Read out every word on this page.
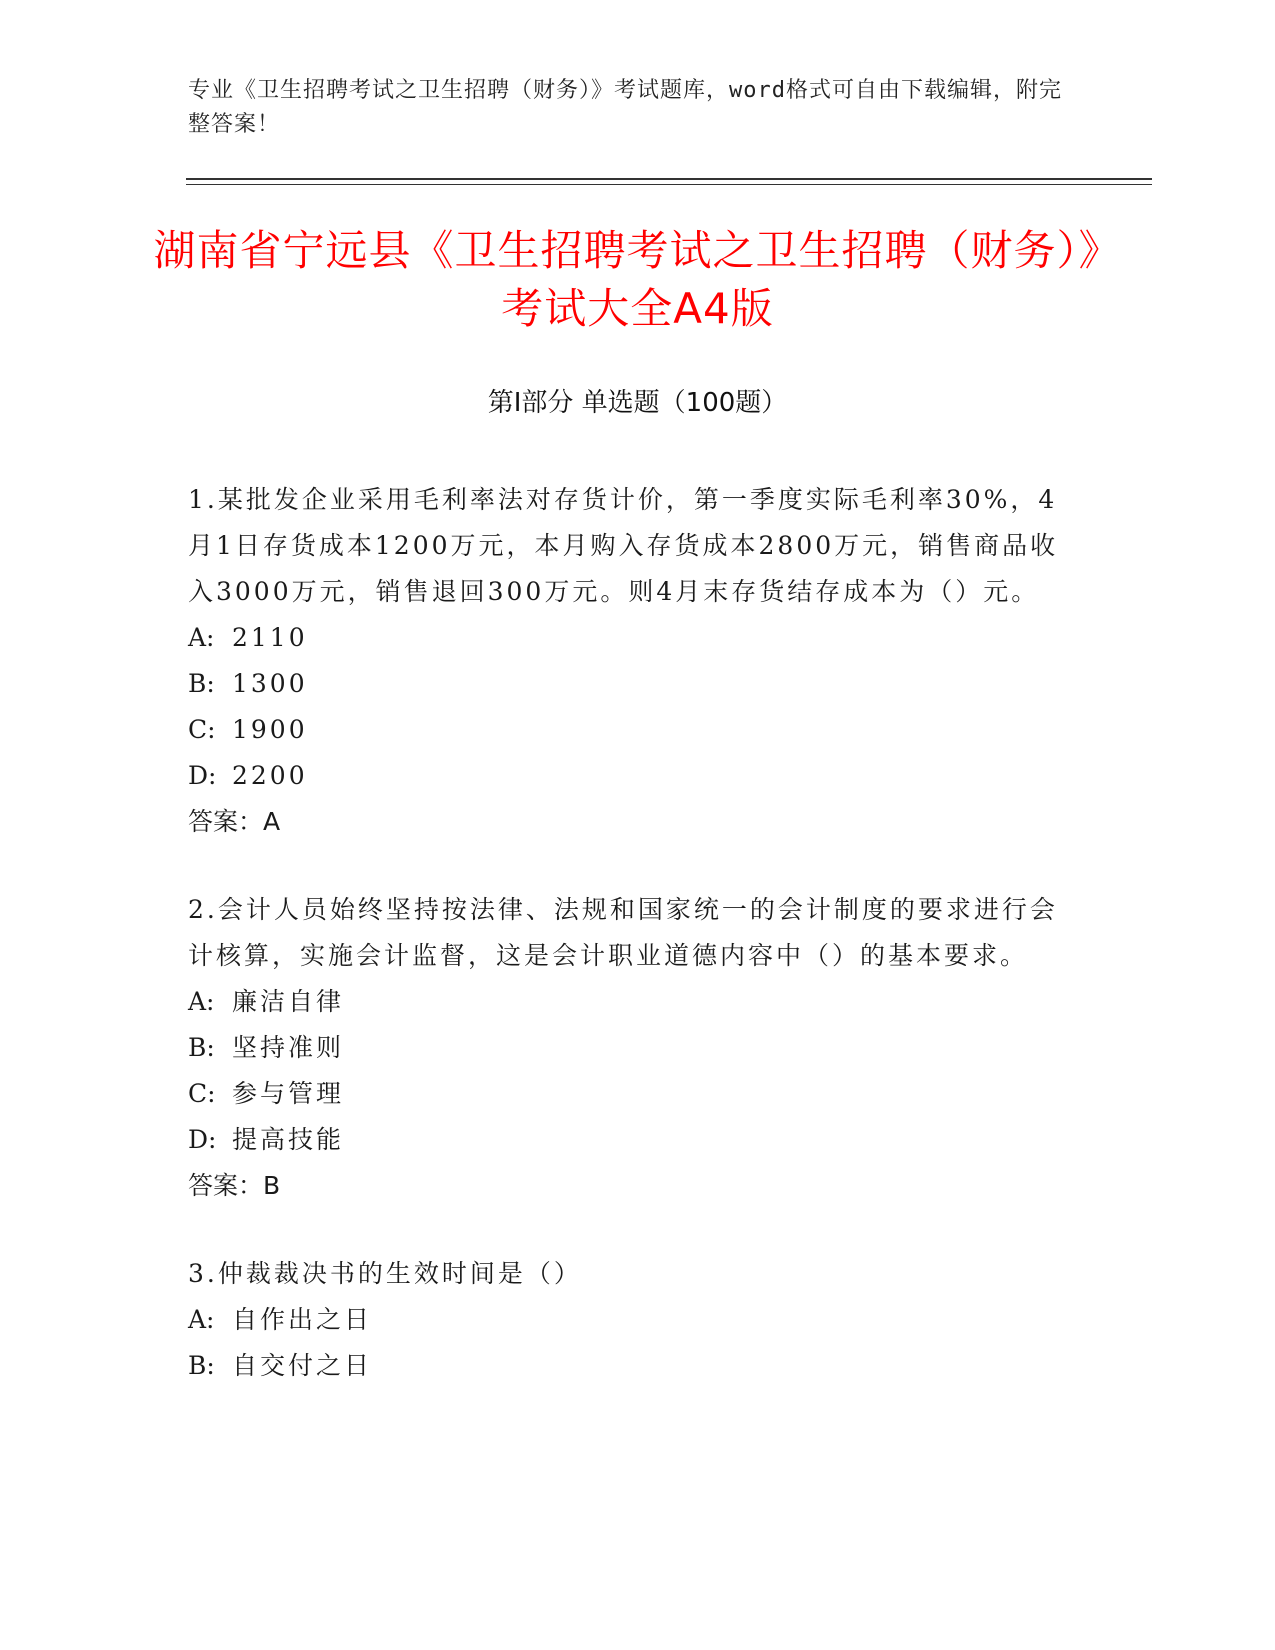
专业《卫生招聘考试之卫生招聘（财务）》考试题库，word格式可自由下载编辑，附完整答案！
湖南省宁远县《卫生招聘考试之卫生招聘（财务）》考试大全A4版
第Ⅰ部分 单选题（100题）

1.某批发企业采用毛利率法对存货计价，第一季度实际毛利率30%，4月1日存货成本1200万元，本月购入存货成本2800万元，销售商品收入3000万元，销售退回300万元。则4月末存货结存成本为（）元。

A: 2110

B: 1300

C: 1900

D: 2200

答案：A

2.会计人员始终坚持按法律、法规和国家统一的会计制度的要求进行会计核算，实施会计监督，这是会计职业道德内容中（）的基本要求。

A: 廉洁自律

B: 坚持准则

C: 参与管理

D: 提高技能

答案：B

3.仲裁裁决书的生效时间是（）

A: 自作出之日

B: 自交付之日
